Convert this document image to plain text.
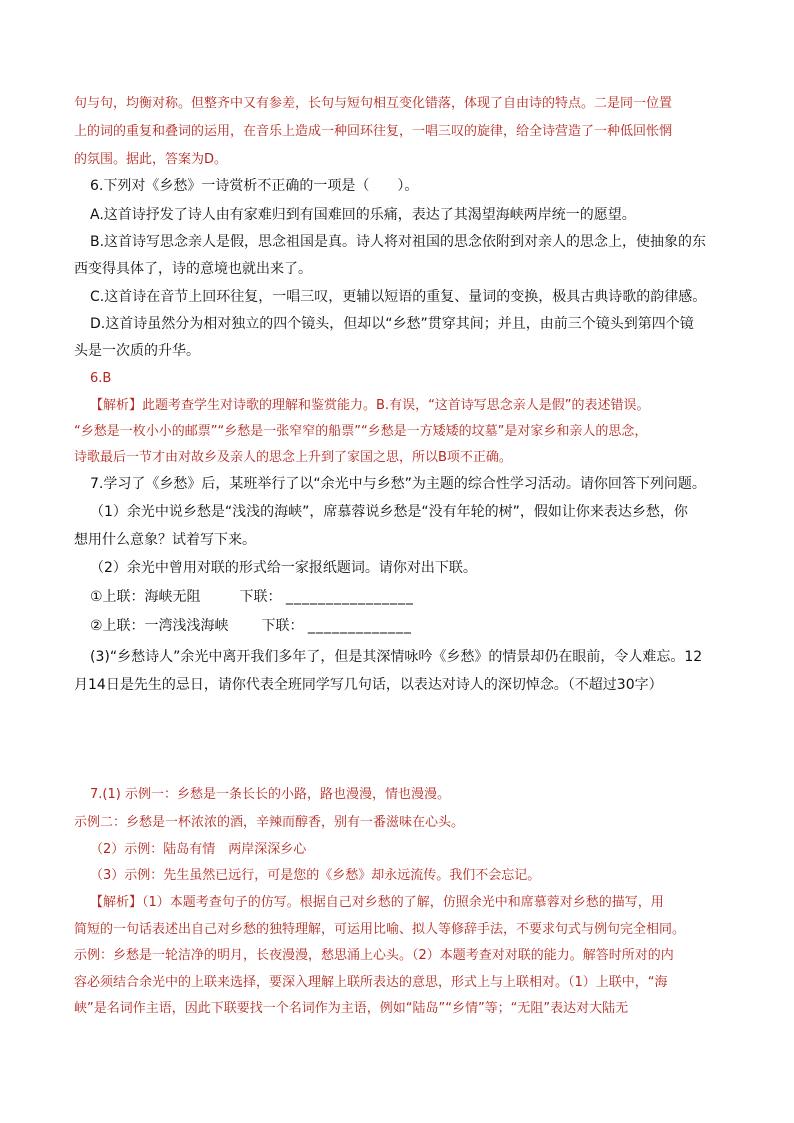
句与句，均衡对称。但整齐中又有参差，长句与短句相互变化错落，体现了自由诗的特点。二是同一位置
上的词的重复和叠词的运用，在音乐上造成一种回环往复，一唱三叹的旋律，给全诗营造了一种低回怅惘
的氛围。据此，答案为D。
6.下列对《乡愁》一诗赏析不正确的一项是（　　）。
A.这首诗抒发了诗人由有家难归到有国难回的乐痛，表达了其渴望海峡两岸统一的愿望。
B.这首诗写思念亲人是假，思念祖国是真。诗人将对祖国的思念依附到对亲人的思念上，使抽象的东
西变得具体了，诗的意境也就出来了。
C.这首诗在音节上回环往复，一唱三叹，更辅以短语的重复、量词的变换，极具古典诗歌的韵律感。
D.这首诗虽然分为相对独立的四个镜头，但却以“乡愁”贯穿其间；并且，由前三个镜头到第四个镜
头是一次质的升华。
6.B
【解析】此题考查学生对诗歌的理解和鉴赏能力。B.有误，“这首诗写思念亲人是假”的表述错误。
“乡愁是一枚小小的邮票”“乡愁是一张窄窄的船票”“乡愁是一方矮矮的坟墓”是对家乡和亲人的思念，
诗歌最后一节才由对故乡及亲人的思念上升到了家国之思，所以B项不正确。
7.学习了《乡愁》后，某班举行了以“余光中与乡愁”为主题的综合性学习活动。请你回答下列问题。
（1）余光中说乡愁是“浅浅的海峡”，席慕蓉说乡愁是“没有年轮的树”，假如让你来表达乡愁，你
想用什么意象？试着写下来。
（2）余光中曾用对联的形式给一家报纸题词。请你对出下联。
①上联：海峡无阻	下联： ________________
②上联：一湾浅浅海峡 下联： _____________
(3)“乡愁诗人”余光中离开我们多年了，但是其深情咏吟《乡愁》的情景却仍在眼前，令人难忘。12
月14日是先生的忌日，请你代表全班同学写几句话，以表达对诗人的深切悼念。（不超过30字）
7.(1) 示例一：乡愁是一条长长的小路，路也漫漫，情也漫漫。
示例二：乡愁是一杯浓浓的酒，辛辣而醇香，别有一番滋味在心头。
（2）示例：陆岛有情　两岸深深乡心
（3）示例：先生虽然已远行，可是您的《乡愁》却永远流传。我们不会忘记。
【解析】（1）本题考查句子的仿写。根据自己对乡愁的了解，仿照余光中和席慕蓉对乡愁的描写，用
简短的一句话表述出自己对乡愁的独特理解，可运用比喻、拟人等修辞手法，不要求句式与例句完全相同。
示例：乡愁是一轮洁净的明月，长夜漫漫，愁思涌上心头。（2）本题考查对对联的能力。解答时所对的内
容必须结合余光中的上联来选择，要深入理解上联所表达的意思，形式上与上联相对。（1）上联中，“海
峡”是名词作主语，因此下联要找一个名词作为主语，例如“陆岛”“乡情”等；“无阻”表达对大陆无
